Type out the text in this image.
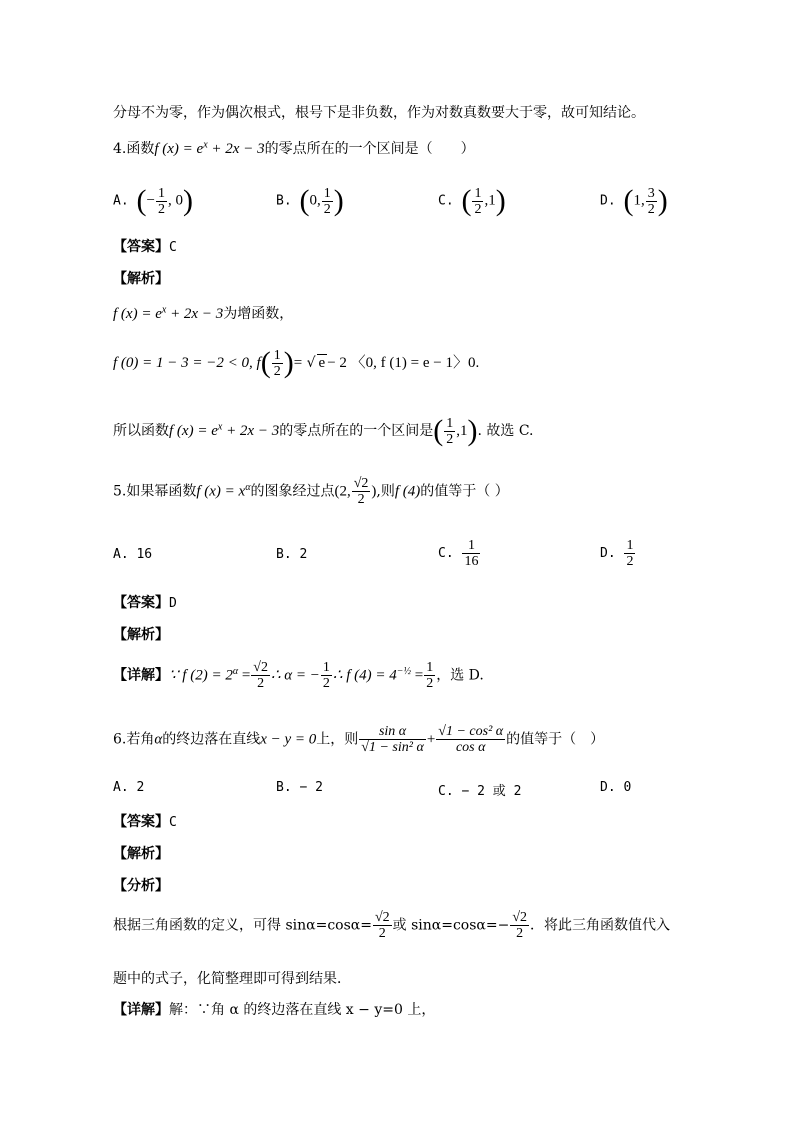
分母不为零，作为偶次根式，根号下是非负数，作为对数真数要大于零，故可知结论。
4.函数f $(x) = e^x + 2x - 3$的零点所在的一个区间是（　　）
A. (− $\frac{1}{2}$ , 0)	B. (0, $\frac{1}{2}$ )	C. ( $\frac{1}{2} ,1$)	D. (1, $\frac{3}{2}$ )
【答案】C
【解析】
f $(x) = e^x + 2x - 3$为增函数，
f (0) = 1 − 3 = −2 < 0, $f( \frac{1}{2}$ )= √ e − 2 〈0, f (1) = e − 1〉0.
所以函数f $(x) = e^x + 2x - 3$的零点所在的一个区间是( $\frac{1}{2} ,1$). 故选 C.
5.如果幂函数f $(x) = x^\alpha$的图象经过点(2, $\frac{√2}{2}$ ),则f (4)的值等于（ ）
A. 16	B. 2	C. $\frac{1}{16}$	D. $\frac{1}{2}$
【答案】D
【解析】
【详解】∵ f $(2) = 2^\alpha = \frac{√2}{2}$ ∴ α = − $\frac{1}{2}$ ∴ f $(4) = 4^{-\frac{1}{2}} = \frac{1}{2}$ ，选 D.
6.若角α的终边落在直线x − y = 0上，则 $\frac{\text{sin α}}{\text{√1 − sin² α}} + \frac{\text{√1 − cos² α}}{\text{cos α}}$ 的值等于（　）
A. 2	B. − 2	C. − 2 或 2	D. 0
【答案】C
【解析】
【分析】
根据三角函数的定义，可得 $\sin\alpha=\cos\alpha= \frac{√2}{2}$ 或 $\sin\alpha=\cos\alpha=- \frac{√2}{2}$ ．将此三角函数值代入
题中的式子，化简整理即可得到结果．
【详解】解：∵角 α 的终边落在直线 x − y=0 上，
